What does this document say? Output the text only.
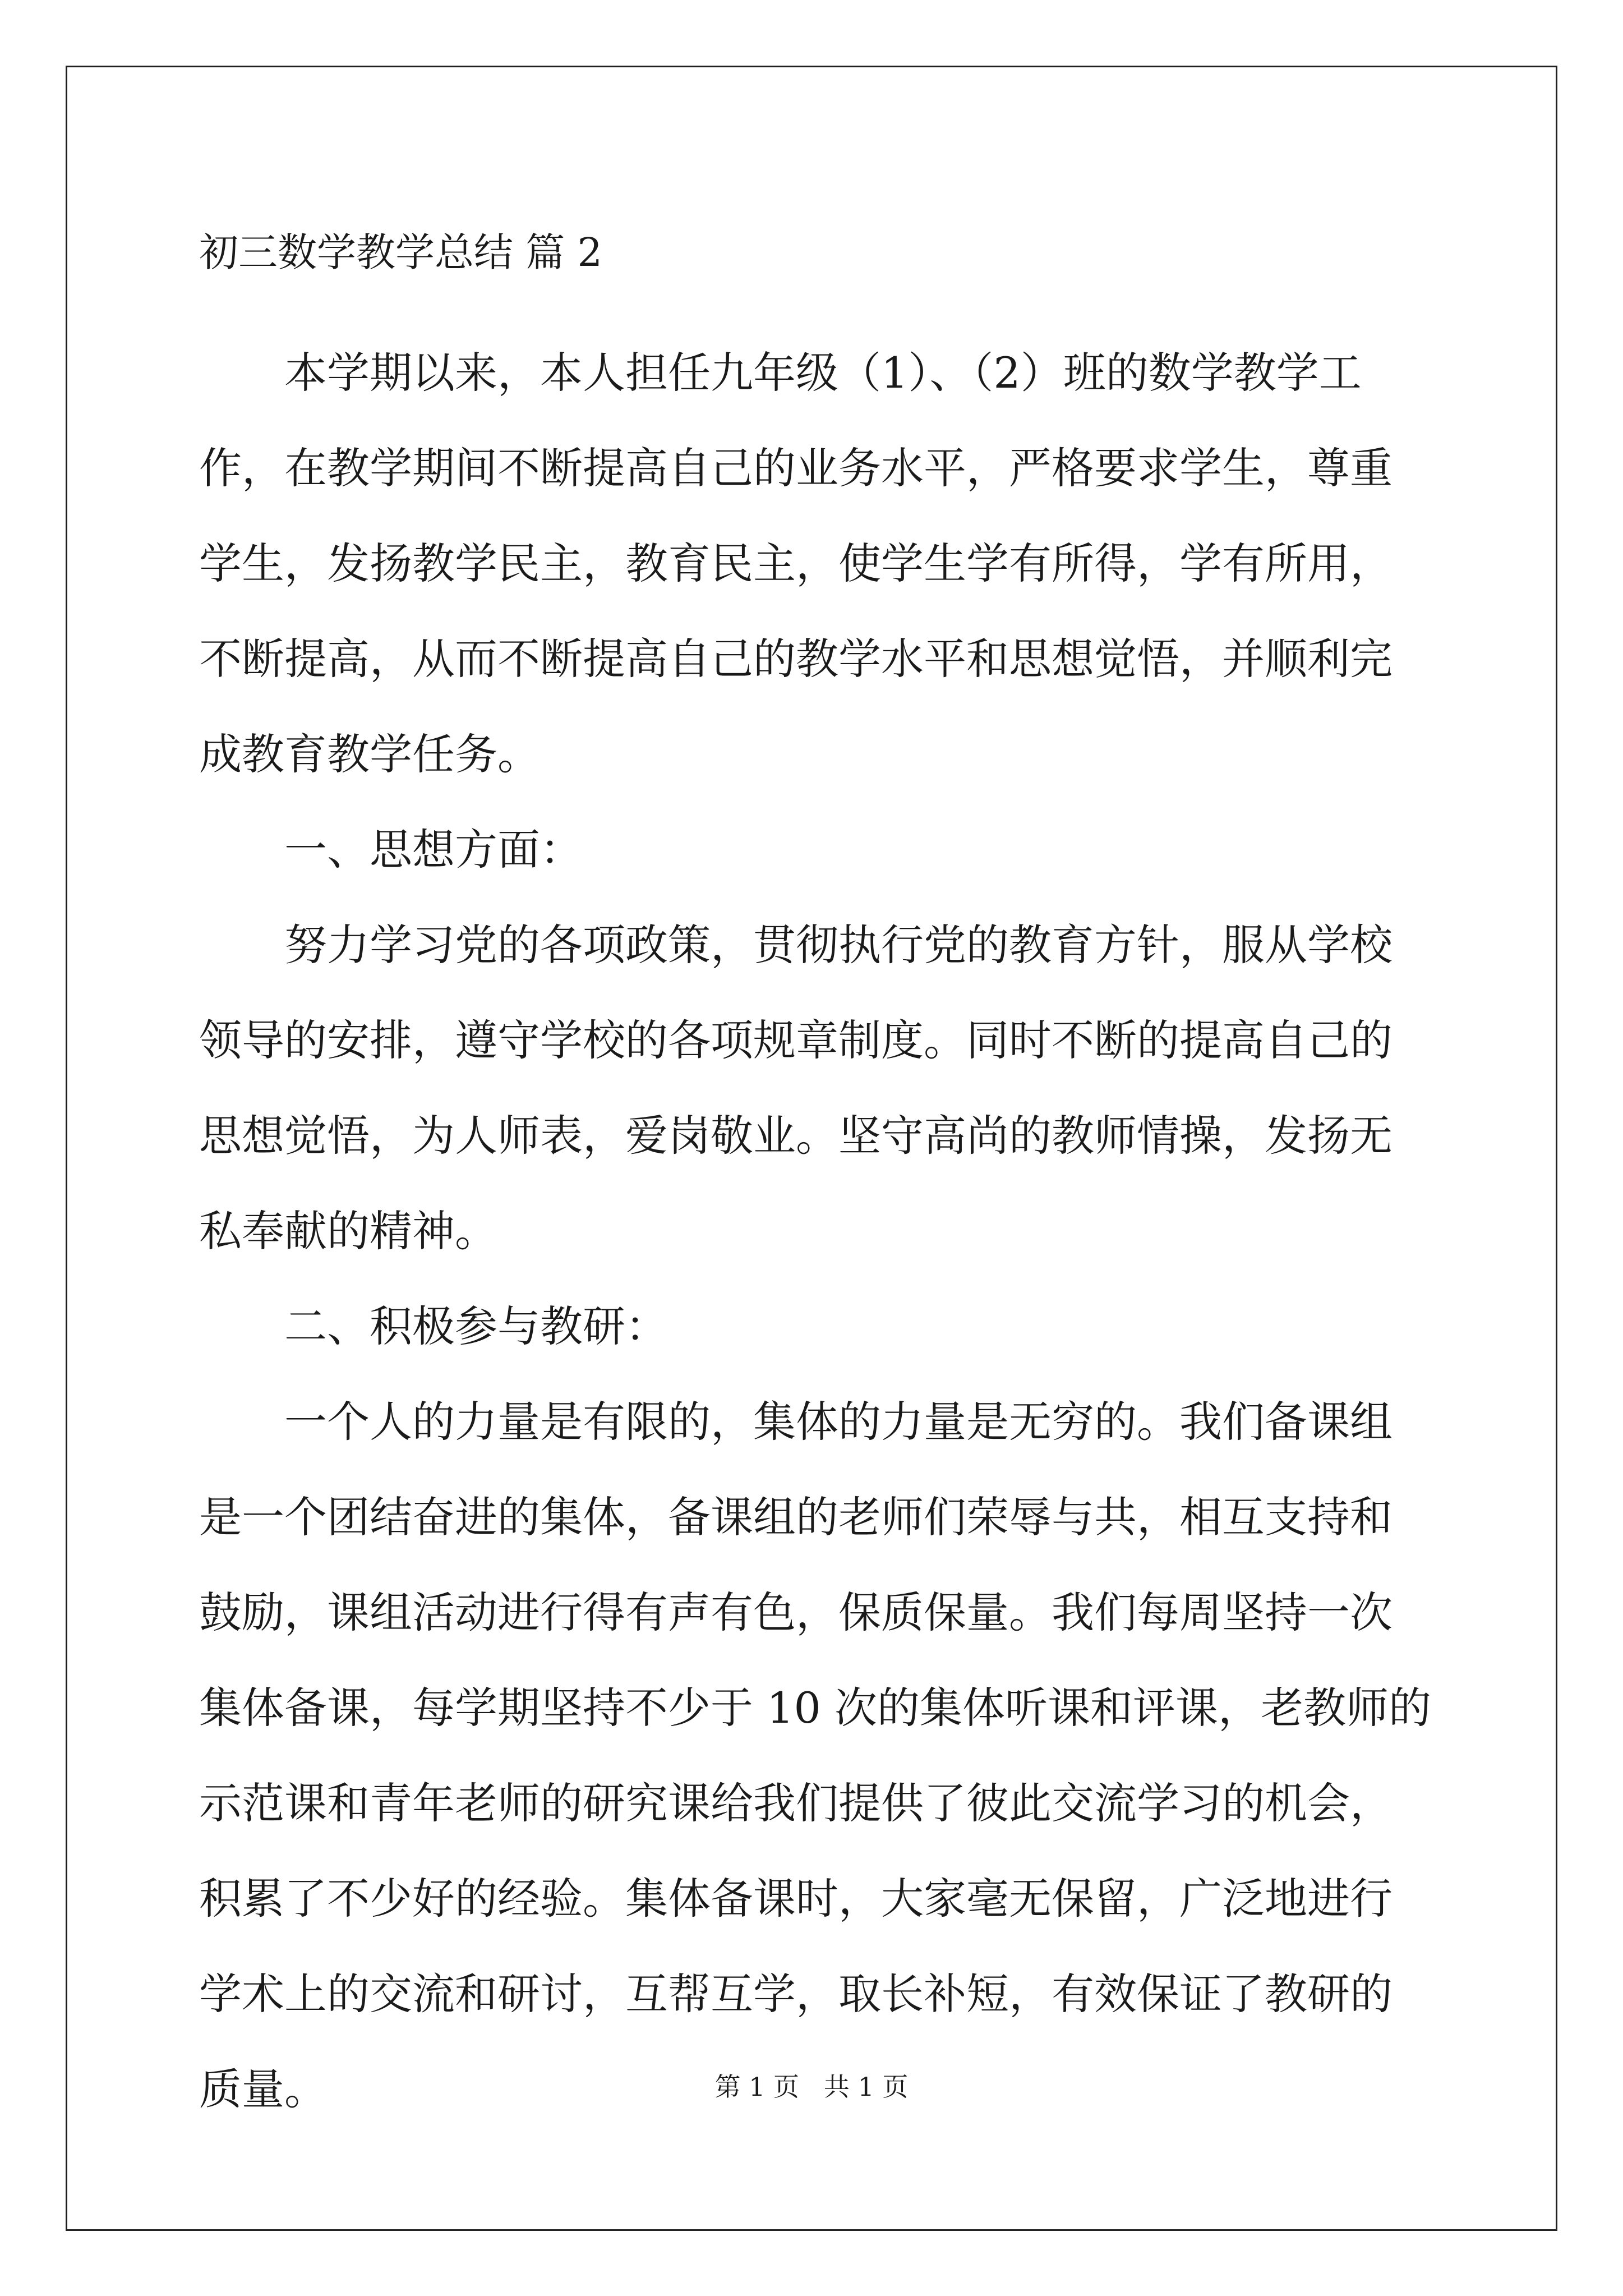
初三数学教学总结 篇 2

本学期以来，本人担任九年级（1）、（2）班的数学教学工作，在教学期间不断提高自己的业务水平，严格要求学生，尊重学生，发扬教学民主，教育民主，使学生学有所得，学有所用，不断提高，从而不断提高自己的教学水平和思想觉悟，并顺利完成教育教学任务。

一、思想方面：

努力学习党的各项政策，贯彻执行党的教育方针，服从学校领导的安排，遵守学校的各项规章制度。同时不断的提高自己的思想觉悟，为人师表，爱岗敬业。坚守高尚的教师情操，发扬无私奉献的精神。

二、积极参与教研：

一个人的力量是有限的，集体的力量是无穷的。我们备课组是一个团结奋进的集体，备课组的老师们荣辱与共，相互支持和鼓励，课组活动进行得有声有色，保质保量。我们每周坚持一次集体备课，每学期坚持不少于 10 次的集体听课和评课，老教师的示范课和青年老师的研究课给我们提供了彼此交流学习的机会，积累了不少好的经验。集体备课时，大家毫无保留，广泛地进行学术上的交流和研讨，互帮互学，取长补短，有效保证了教研的质量。	第 1 页   共 1 页
